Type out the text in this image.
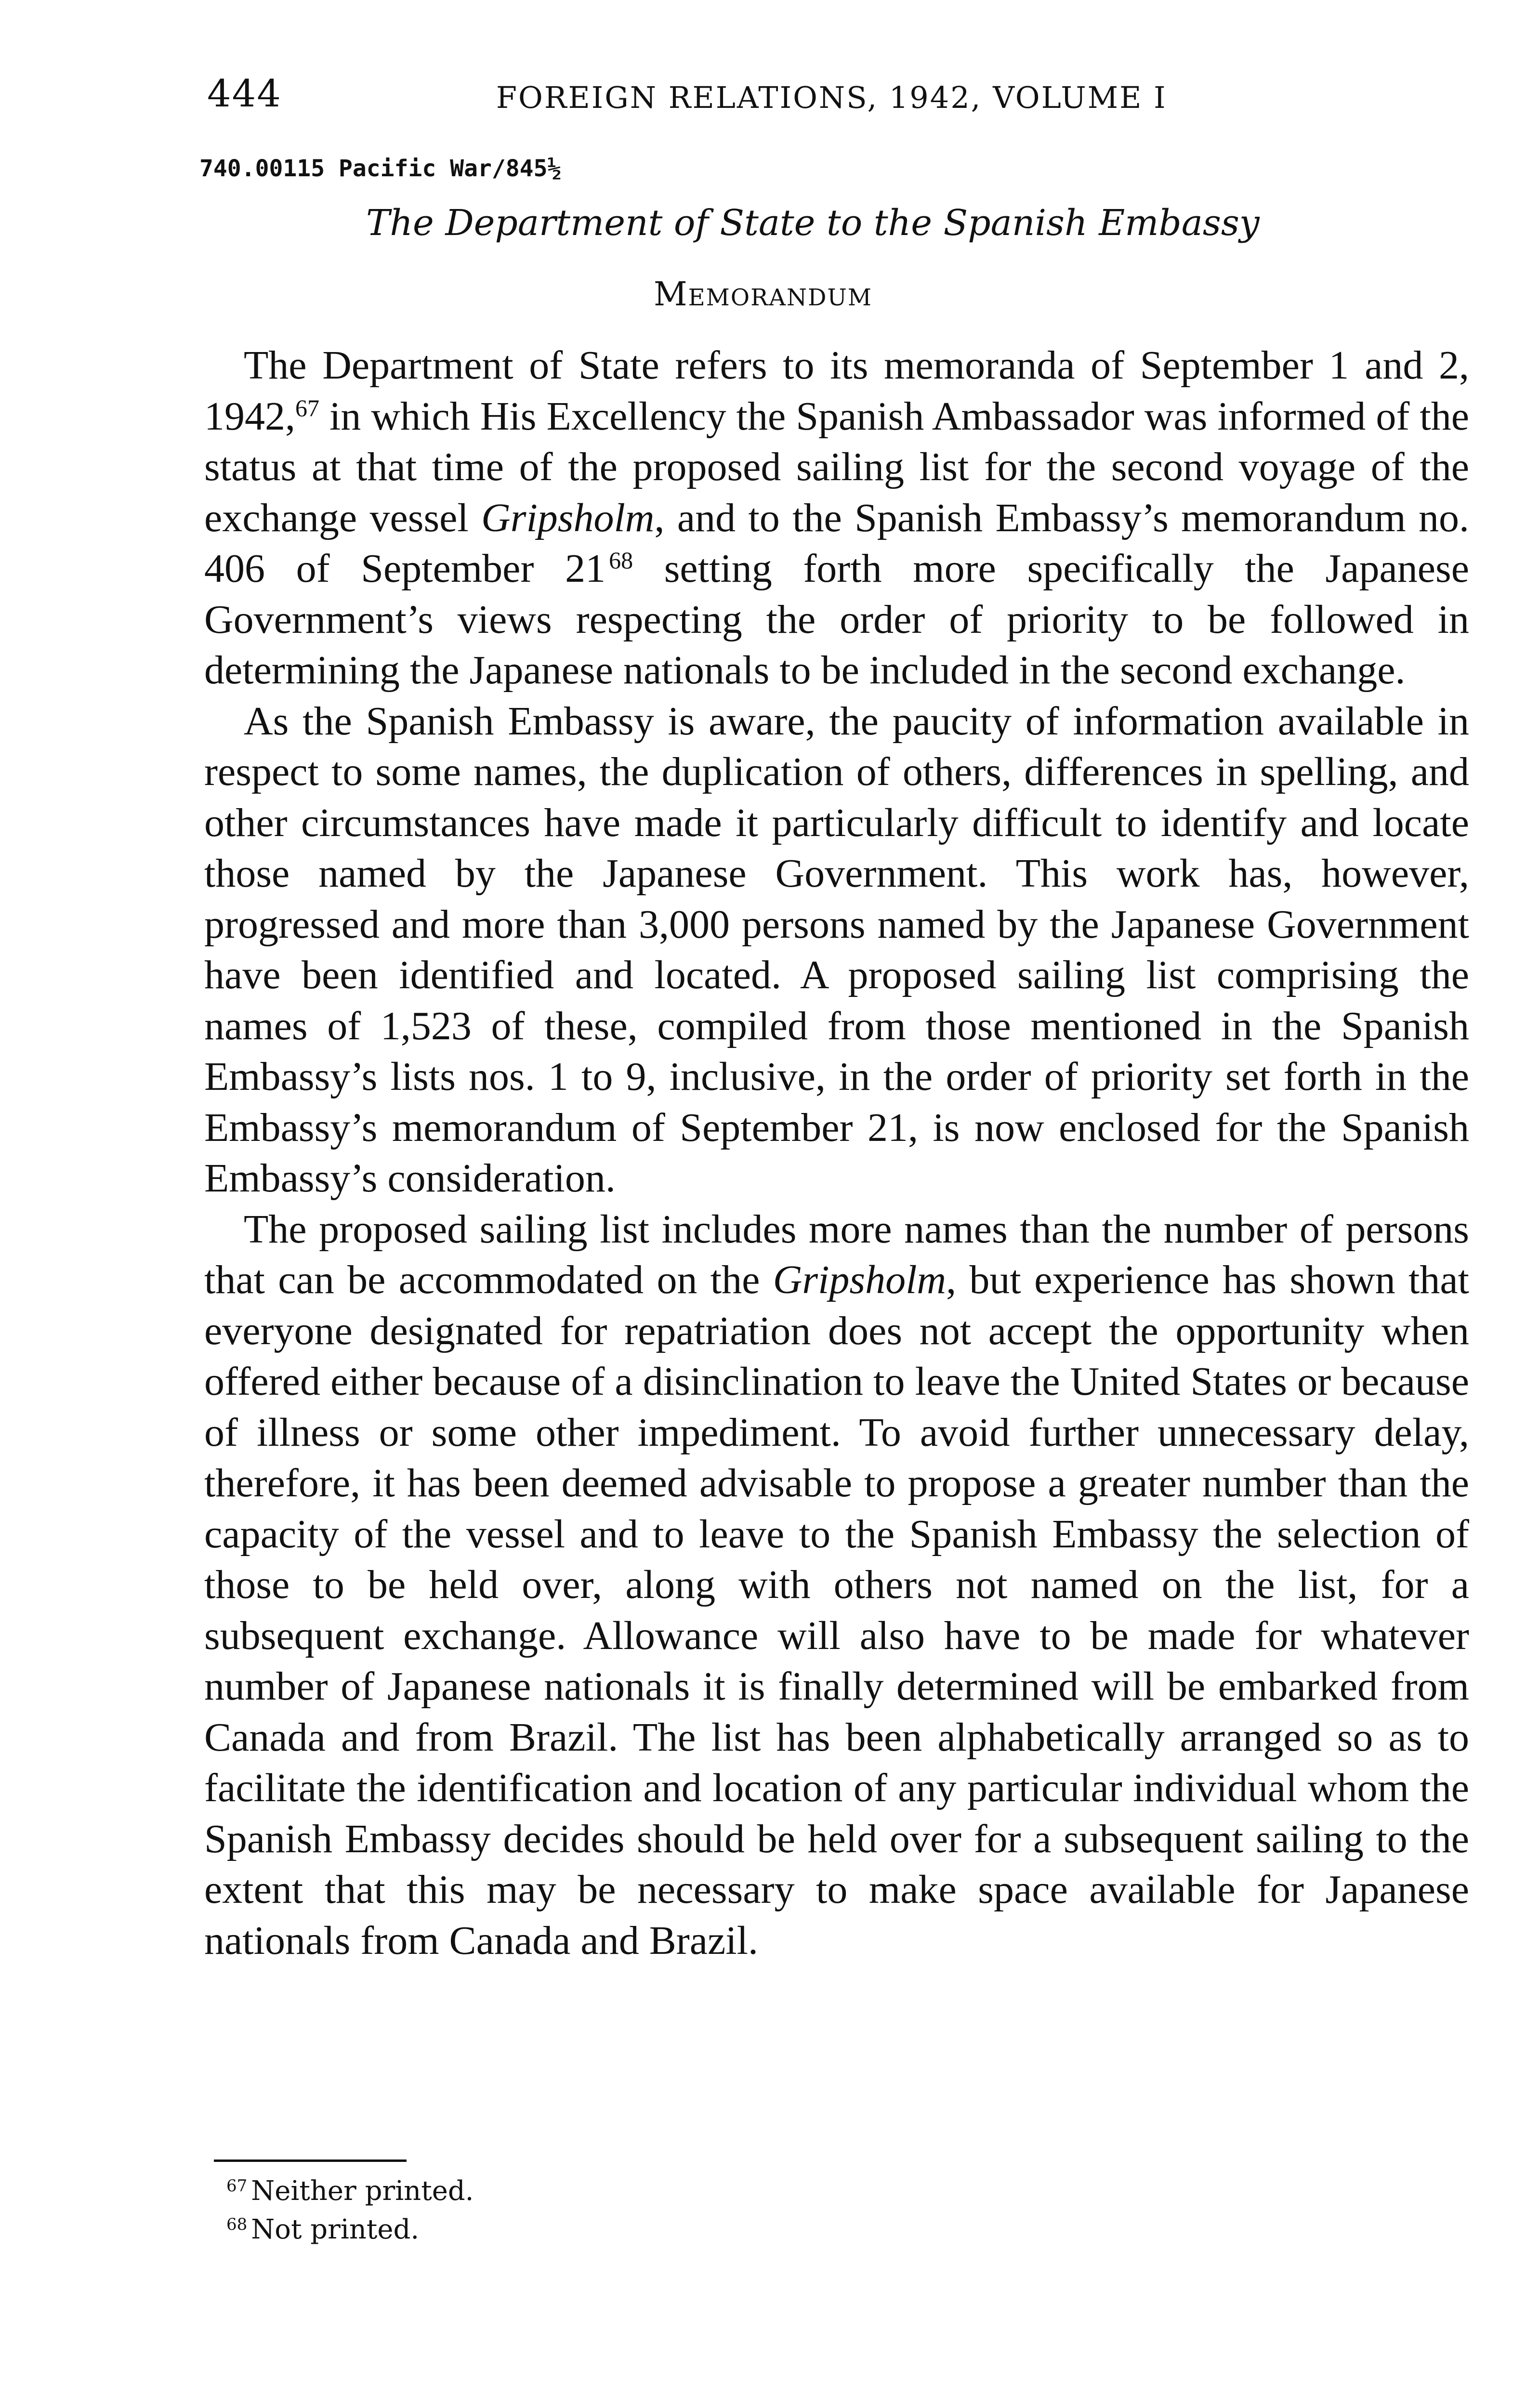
444	FOREIGN RELATIONS, 1942, VOLUME I
740.00115 Pacific War/845½
The Department of State to the Spanish Embassy
Memorandum

The Department of State refers to its memoranda of September 1 and 2, 1942,67 in which His Excellency the Spanish Ambassador was informed of the status at that time of the proposed sailing list for the second voyage of the exchange vessel Gripsholm, and to the Spanish Embassy’s memorandum no. 406 of September 21  $^{68}$ setting forth more specifically the Japanese Government’s views respecting the order of priority to be followed in determining the Japanese nationals to be included in the second exchange.

As the Spanish Embassy is aware, the paucity of information available in respect to some names, the duplication of others, differences in spelling, and other circumstances have made it particularly difficult to identify and locate those named by the Japanese Government. This work has, however, progressed and more than 3,000 persons named by the Japanese Government have been identified and located. A proposed sailing list comprising the names of 1,523 of these, compiled from those mentioned in the Spanish Embassy’s lists nos. 1 to 9, inclusive, in the order of priority set forth in the Embassy’s memorandum of September 21, is now enclosed for the Spanish Embassy’s consideration.

The proposed sailing list includes more names than the number of persons that can be accommodated on the Gripsholm, but experience has shown that everyone designated for repatriation does not accept the opportunity when offered either because of a disinclination to leave the United States or because of illness or some other impediment. To avoid further unnecessary delay, therefore, it has been deemed advisable to propose a greater number than the capacity of the vessel and to leave to the Spanish Embassy the selection of those to be held over, along with others not named on the list, for a subsequent exchange. Allowance will also have to be made for whatever number of Japanese nationals it is finally determined will be embarked from Canada and from Brazil. The list has been alphabetically arranged so as to facilitate the identification and location of any particular individual whom the Spanish Embassy decides should be held over for a subsequent sailing to the extent that this may be necessary to make space available for Japanese nationals from Canada and Brazil.

$^{67}$ Neither printed.
$^{68}$ Not printed.
